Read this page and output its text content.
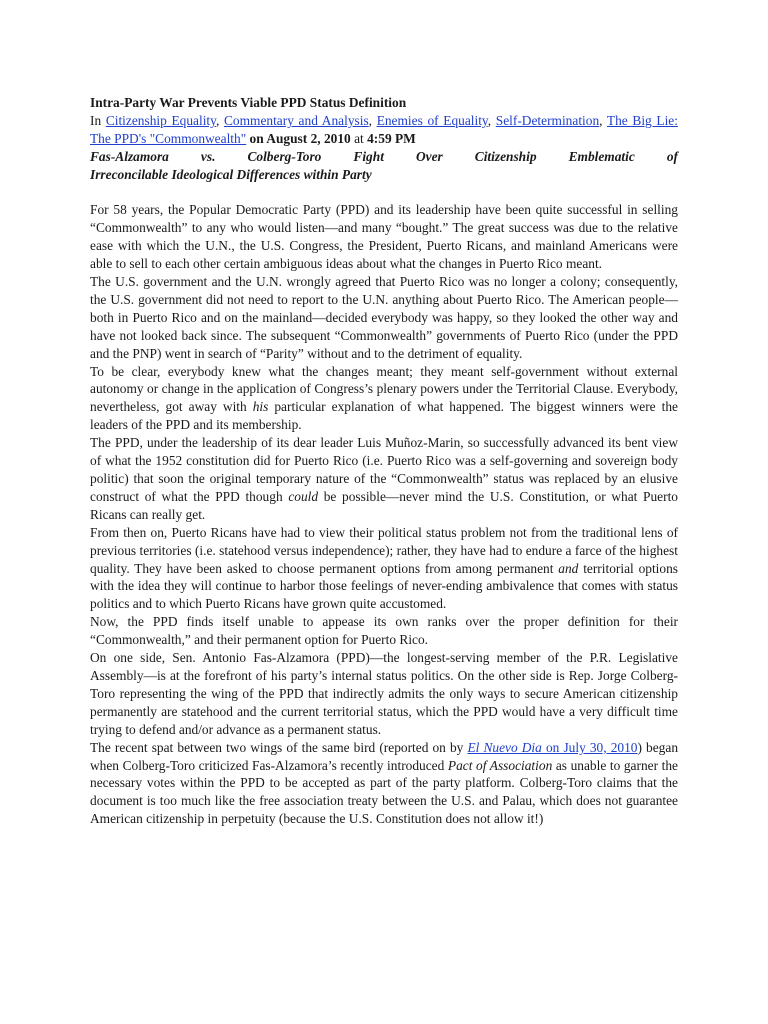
Intra-Party War Prevents Viable PPD Status Definition

In Citizenship Equality, Commentary and Analysis, Enemies of Equality, Self-Determination, The Big Lie: The PPD's "Commonwealth" on August 2, 2010 at 4:59 PM

Fas-Alzamora vs. Colberg-Toro Fight Over Citizenship Emblematic of
Irreconcilable Ideological Differences within Party

For 58 years, the Popular Democratic Party (PPD) and its leadership have been quite successful in selling “Commonwealth” to any who would listen—and many “bought.” The great success was due to the relative ease with which the U.N., the U.S. Congress, the President, Puerto Ricans, and mainland Americans were able to sell to each other certain ambiguous ideas about what the changes in Puerto Rico meant.

The U.S. government and the U.N. wrongly agreed that Puerto Rico was no longer a colony; consequently, the U.S. government did not need to report to the U.N. anything about Puerto Rico. The American people—both in Puerto Rico and on the mainland—decided everybody was happy, so they looked the other way and have not looked back since. The subsequent “Commonwealth” governments of Puerto Rico (under the PPD and the PNP) went in search of “Parity” without and to the detriment of equality.

To be clear, everybody knew what the changes meant; they meant self-government without external autonomy or change in the application of Congress’s plenary powers under the Territorial Clause. Everybody, nevertheless, got away with his particular explanation of what happened. The biggest winners were the leaders of the PPD and its membership.

The PPD, under the leadership of its dear leader Luis Muñoz-Marin, so successfully advanced its bent view of what the 1952 constitution did for Puerto Rico (i.e. Puerto Rico was a self-governing and sovereign body politic) that soon the original temporary nature of the “Commonwealth” status was replaced by an elusive construct of what the PPD though could be possible—never mind the U.S. Constitution, or what Puerto Ricans can really get.

From then on, Puerto Ricans have had to view their political status problem not from the traditional lens of previous territories (i.e. statehood versus independence); rather, they have had to endure a farce of the highest quality. They have been asked to choose permanent options from among permanent and territorial options with the idea they will continue to harbor those feelings of never-ending ambivalence that comes with status politics and to which Puerto Ricans have grown quite accustomed.

Now, the PPD finds itself unable to appease its own ranks over the proper definition for their “Commonwealth,” and their permanent option for Puerto Rico.

On one side, Sen. Antonio Fas-Alzamora (PPD)—the longest-serving member of the P.R. Legislative Assembly—is at the forefront of his party’s internal status politics. On the other side is Rep. Jorge Colberg-Toro representing the wing of the PPD that indirectly admits the only ways to secure American citizenship permanently are statehood and the current territorial status, which the PPD would have a very difficult time trying to defend and/or advance as a permanent status.

The recent spat between two wings of the same bird (reported on by El Nuevo Dia on July 30, 2010) began when Colberg-Toro criticized Fas-Alzamora’s recently introduced Pact of Association as unable to garner the necessary votes within the PPD to be accepted as part of the party platform. Colberg-Toro claims that the document is too much like the free association treaty between the U.S. and Palau, which does not guarantee American citizenship in perpetuity (because the U.S. Constitution does not allow it!)
